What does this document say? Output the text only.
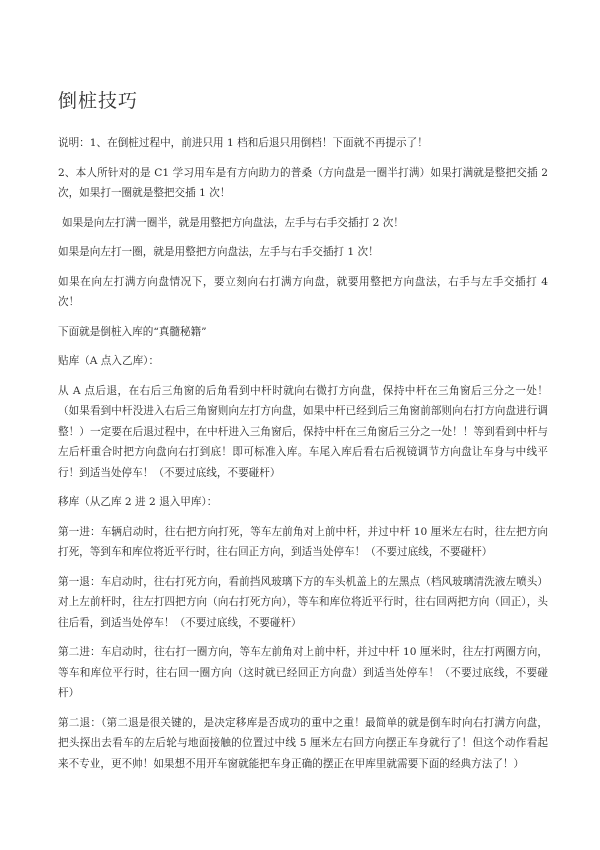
倒桩技巧

说明：1、在倒桩过程中，前进只用 1 档和后退只用倒档！下面就不再提示了！

2、本人所针对的是 C1 学习用车是有方向助力的普桑（方向盘是一圈半打满）如果打满就是整把交插 2 次，如果打一圈就是整把交插 1 次！

如果是向左打满一圈半，就是用整把方向盘法，左手与右手交插打 2 次！

如果是向左打一圈，就是用整把方向盘法，左手与右手交插打 1 次！

如果在向左打满方向盘情况下，要立刻向右打满方向盘，就要用整把方向盘法，右手与左手交插打 4 次！

下面就是倒桩入库的“真髓秘籍”

贴库（A 点入乙库）：

从 A 点后退，在右后三角窗的后角看到中杆时就向右微打方向盘，保持中杆在三角窗后三分之一处！（如果看到中杆没进入右后三角窗则向左打方向盘，如果中杆已经到后三角窗前部则向右打方向盘进行调整！）一定要在后退过程中，在中杆进入三角窗后，保持中杆在三角窗后三分之一处！！等到看到中杆与左后杆重合时把方向盘向右打到底！即可标准入库。车尾入库后看右后视镜调节方向盘让车身与中线平行！到适当处停车！（不要过底线，不要碰杆）

移库（从乙库 2 进 2 退入甲库）：

第一进：车辆启动时，往右把方向打死，等车左前角对上前中杆，并过中杆 10 厘米左右时，往左把方向打死，等到车和库位将近平行时，往右回正方向，到适当处停车！（不要过底线，不要碰杆）

第一退：车启动时，往右打死方向，看前挡风玻璃下方的车头机盖上的左黑点（档风玻璃清洗液左喷头）对上左前杆时，往左打四把方向（向右打死方向），等车和库位将近平行时，往右回两把方向（回正），头往后看，到适当处停车！（不要过底线，不要碰杆）

第二进：车启动时，往右打一圈方向，等车左前角对上前中杆，并过中杆 10 厘米时，往左打两圈方向，等车和库位平行时，往右回一圈方向（这时就已经回正方向盘）到适当处停车！（不要过底线，不要碰杆）

第二退：（第二退是很关键的，是决定移库是否成功的重中之重！最简单的就是倒车时向右打满方向盘，把头探出去看车的左后轮与地面接触的位置过中线 5 厘米左右回方向摆正车身就行了！但这个动作看起来不专业，更不帅！如果想不用开车窗就能把车身正确的摆正在甲库里就需要下面的经典方法了！）
